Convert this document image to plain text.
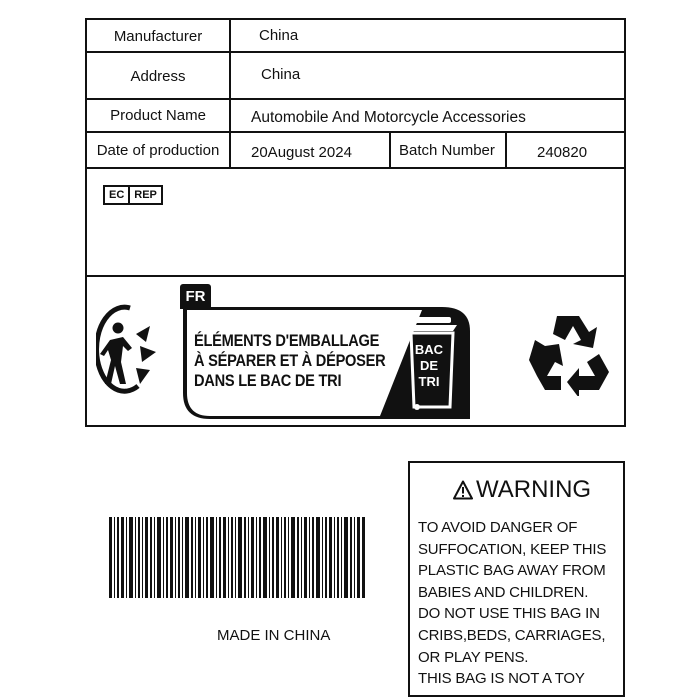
Manufacturer	China
Address	China
Product Name	Automobile And Motorcycle Accessories
Date of production	20August 2024	Batch Number	240820
EC REP
FR
ÉLÉMENTS D'EMBALLAGE
À SÉPARER ET À DÉPOSER
DANS LE BAC DE TRI
BAC
DE
TRI
MADE IN CHINA
WARNING
TO AVOID DANGER OF
SUFFOCATION, KEEP THIS
PLASTIC BAG AWAY FROM
BABIES AND CHILDREN.
DO NOT USE THIS BAG IN
CRIBS,BEDS, CARRIAGES,
OR PLAY PENS.
THIS BAG IS NOT A TOY
